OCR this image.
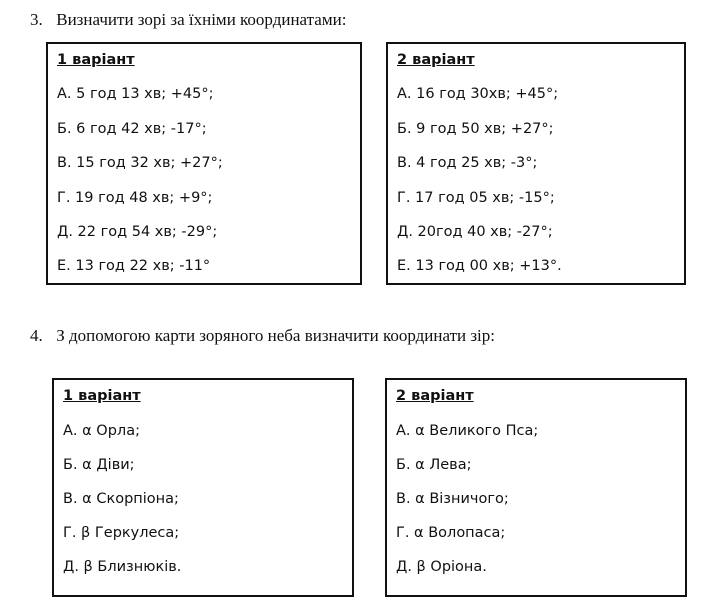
3. Визначити зорі за їхніми координатами:
1 варіант
А. 5 год 13 хв; +45°;
Б. 6 год 42 хв; -17°;
В. 15 год 32 хв; +27°;
Г. 19 год 48 хв; +9°;
Д. 22 год 54 хв; -29°;
Е. 13 год 22 хв; -11°
2 варіант
А. 16 год 30хв; +45°;
Б. 9 год 50 хв; +27°;
В. 4 год 25 хв; -3°;
Г. 17 год 05 хв; -15°;
Д. 20год 40 хв; -27°;
Е. 13 год 00 хв; +13°.
4. З допомогою карти зоряного неба визначити координати зір:
1 варіант
А. α Орла;
Б. α Діви;
В. α Скорпіона;
Г. β Геркулеса;
Д. β Близнюків.
2 варіант
А. α Великого Пса;
Б. α Лева;
В. α Візничого;
Г. α Волопаса;
Д. β Оріона.
